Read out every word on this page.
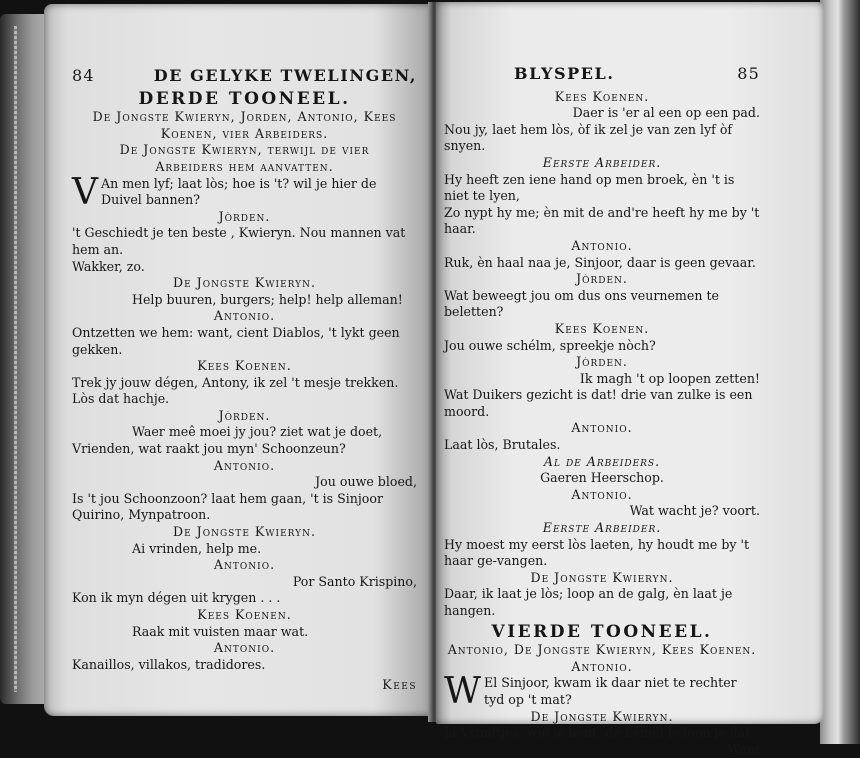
84	DE GELYKE TWELINGEN,
DERDE TOONEEL.
De Jongste Kwieryn, Jorden, Antonio, Kees Koenen, vier Arbeiders.
De Jongste Kwieryn, terwijl de vier Arbeiders hem aanvatten.
V An men lyf; laat lòs; hoe is 't? wil je hier de Duivel bannen?
Jòrden.
't Geschiedt je ten beste , Kwieryn. Nou mannen vat hem an.
Wakker, zo.
De Jongste Kwieryn.
Help buuren, burgers; help! help alleman!
Antonio.
Ontzetten we hem: want, cient Diablos, 't lykt geen gekken.
Kees Koenen.
Trek jy jouw dégen, Antony, ik zel 't mesje trekken.
Lòs dat hachje.
Jòrden.
Waer meê moei jy jou? ziet wat je doet,
Vrienden, wat raakt jou myn' Schoonzeun?
Antonio.
Jou ouwe bloed,
Is 't jou Schoonzoon? laat hem gaan, 't is Sinjoor Quirino, Mynpatroon.
De Jongste Kwieryn.
Ai vrinden, help me.
Antonio.
Por Santo Krispino,
Kon ik myn dégen uit krygen . . .
Kees Koenen.
Raak mit vuisten maar wat.
Antonio.
Kanaillos, villakos, tradidores.
Kees
BLYSPEL.	85
Kees Koenen.
Daer is 'er al een op een pad.
Nou jy, laet hem lòs, òf ik zel je van zen lyf òf snyen.
Eerste Arbeider.
Hy heeft zen iene hand op men broek, èn 't is niet te lyen,
Zo nypt hy me; èn mit de and're heeft hy me by 't haar.
Antonio.
Ruk, èn haal naa je, Sinjoor, daar is geen gevaar.
Jòrden.
Wat beweegt jou om dus ons veurnemen te beletten?
Kees Koenen.
Jou ouwe schélm, spreekje nòch?
Jòrden.
Ik magh 't op loopen zetten!
Wat Duikers gezicht is dat! drie van zulke is een moord.
Antonio.
Laat lòs, Brutales.
Al de Arbeiders.
Gaeren Heerschop.
Antonio.
Wat wacht je? voort.
Eerste Arbeider.
Hy moest my eerst lòs laeten, hy houdt me by 't haar ge-vangen.
De Jongste Kwieryn.
Daar, ik laat je lòs; loop an de galg, èn laat je hangen.
VIERDE TOONEEL.
Antonio, De Jongste Kwieryn, Kees Koenen.
Antonio.
W El Sinjoor, kwam ik daar niet te rechter tyd op 't mat?
De Jongste Kwieryn.
Ja Vrindtjes, wie je bènt, de hémel beloon je dat;
Want
